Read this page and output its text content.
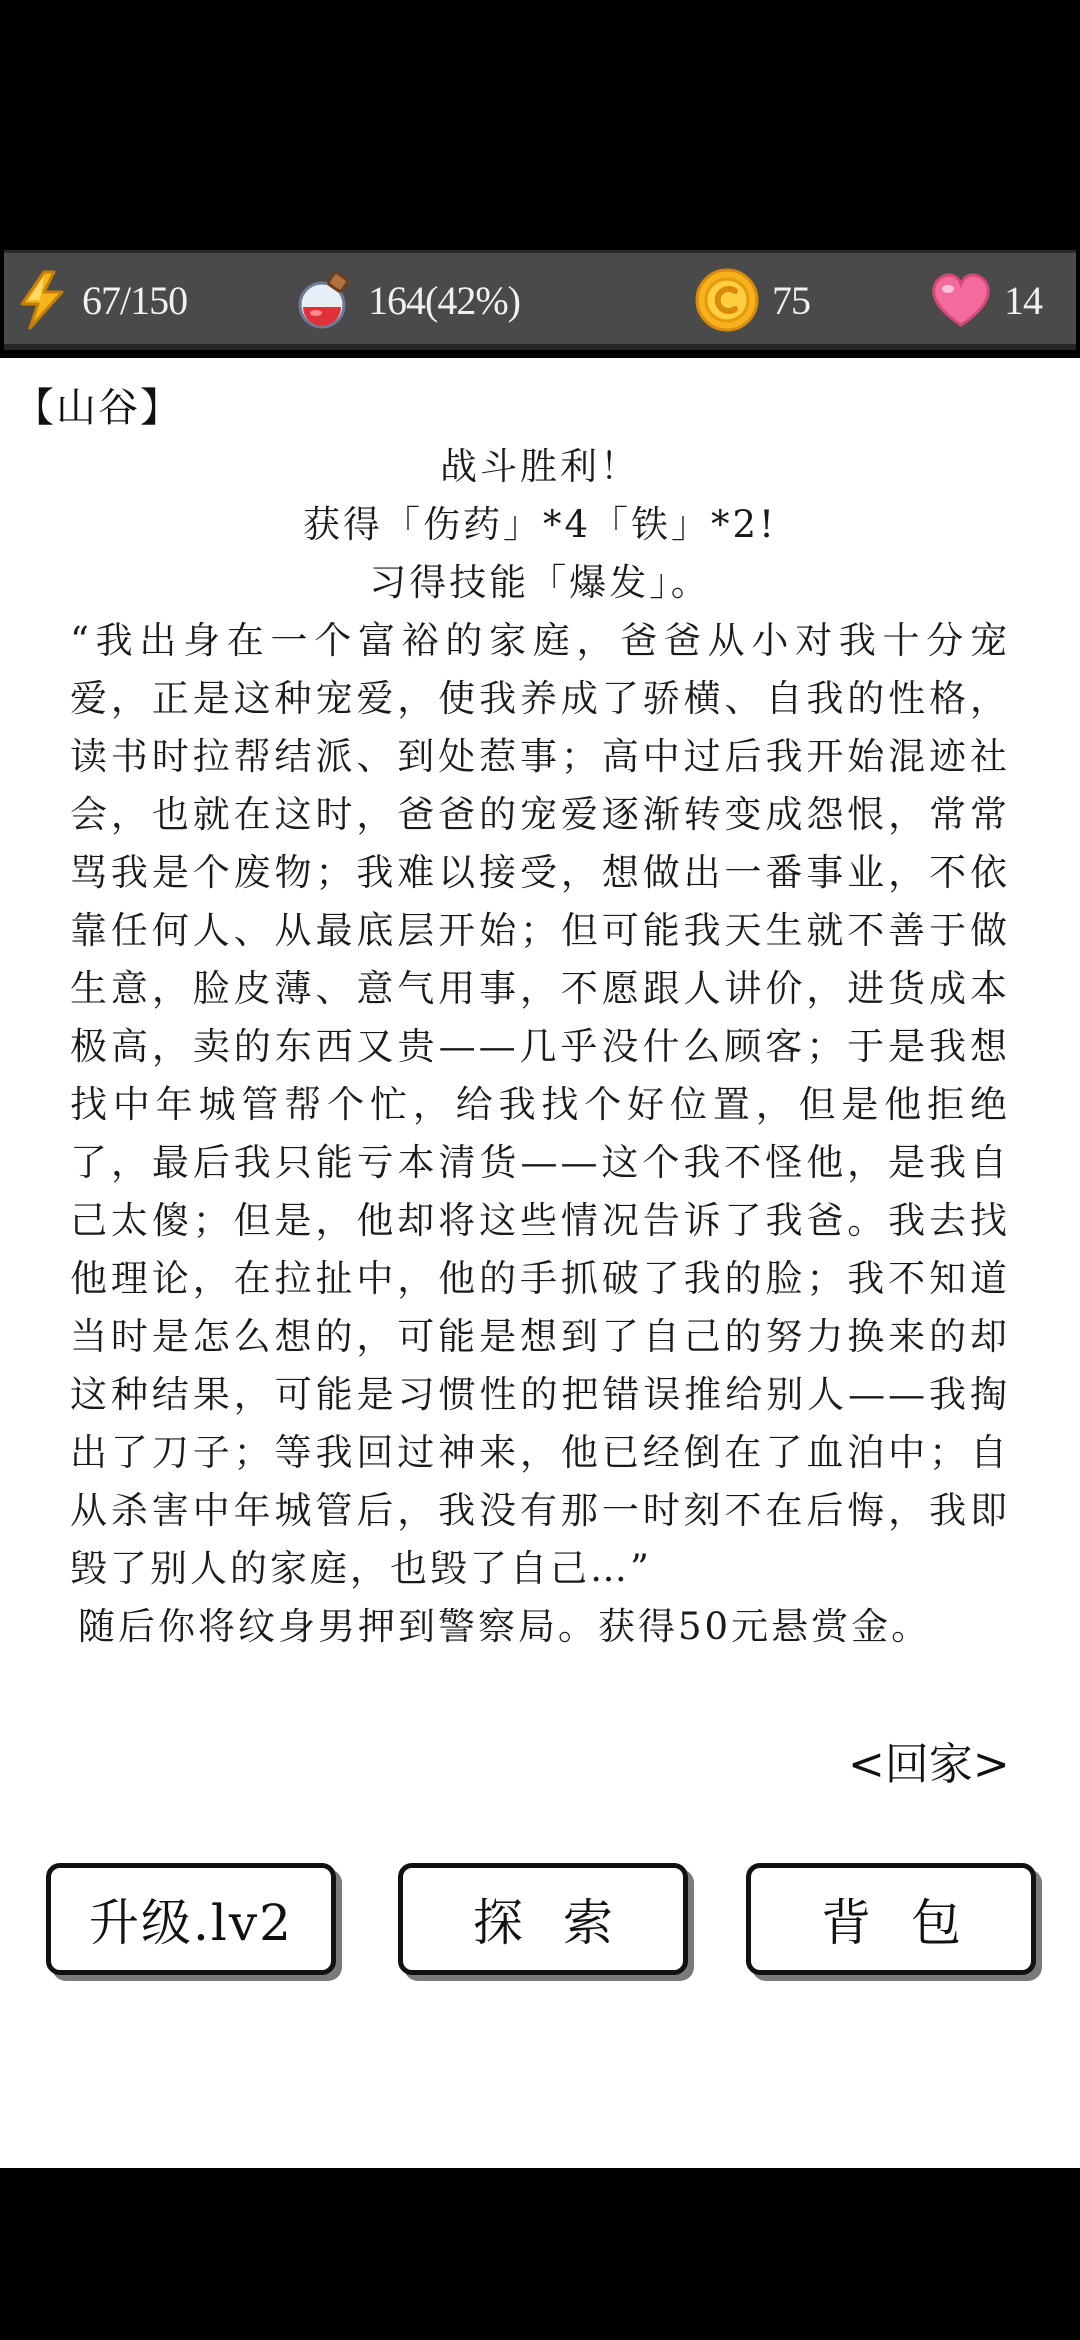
67/150	164(42%)	75	14
【山谷】
战斗胜利！
获得「伤药」*4「铁」*2!
习得技能「爆发」。
“我出身在一个富裕的家庭，爸爸从小对我十分宠爱，正是这种宠爱，使我养成了骄横、自我的性格，读书时拉帮结派、到处惹事；高中过后我开始混迹社会，也就在这时，爸爸的宠爱逐渐转变成怨恨，常常骂我是个废物；我难以接受，想做出一番事业，不依靠任何人、从最底层开始；但可能我天生就不善于做生意，脸皮薄、意气用事，不愿跟人讲价，进货成本极高，卖的东西又贵——几乎没什么顾客；于是我想找中年城管帮个忙，给我找个好位置，但是他拒绝了，最后我只能亏本清货——这个我不怪他，是我自己太傻；但是，他却将这些情况告诉了我爸。我去找他理论，在拉扯中，他的手抓破了我的脸；我不知道当时是怎么想的，可能是想到了自己的努力换来的却这种结果，可能是习惯性的把错误推给别人——我掏出了刀子；等我回过神来，他已经倒在了血泊中；自从杀害中年城管后，我没有那一时刻不在后悔，我即毁了别人的家庭，也毁了自己…”
随后你将纹身男押到警察局。获得50元悬赏金。
<回家>
升级.lv2	探索	背包
